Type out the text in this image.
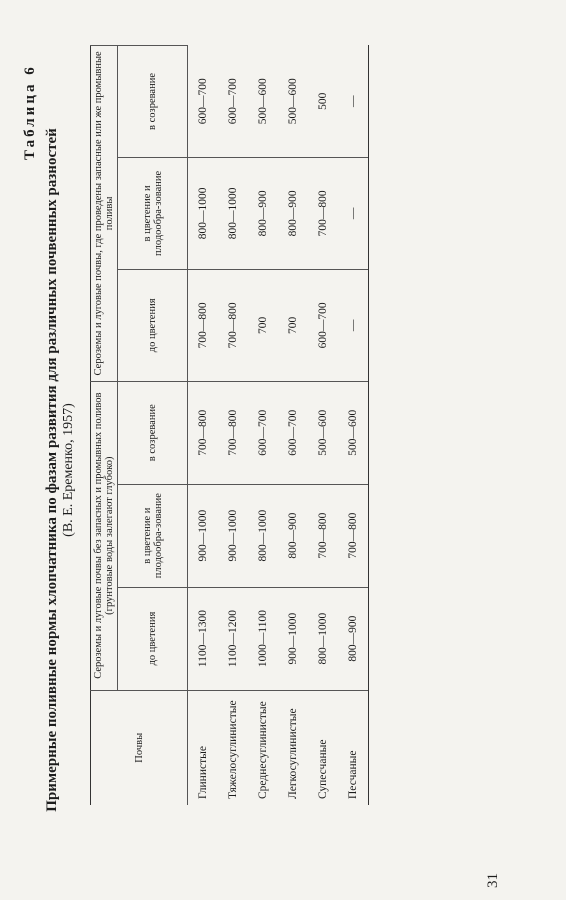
Таблица 6
Примерные поливные нормы хлопчатника по фазам развития для различных почвенных разностей (В. Е. Еременко, 1957)
Почвы	Сероземы и луговые почвы без запасных и промывных поливов (грунтовые воды залегают глубоко)			Сероземы и луговые почвы, где проведены запасные или же промывные поливы		
	до цветения	в цветение и плодообра-зование	в созревание	до цветения	в цветение и плодообра-зование	в созревание
Глинистые	1100—1300	900—1000	700—800	700—800	800—1000	600—700
Тяжелосуглинистые	1100—1200	900—1000	700—800	700—800	800—1000	600—700
Среднесуглинистые	1000—1100	800—1000	600—700	700	800—900	500—600
Легкосуглинистые	900—1000	800—900	600—700	700	800—900	500—600
Супесчаные	800—1000	700—800	500—600	600—700	700—800	500
Песчаные	800—900	700—800	500—600	—	—	—
31
